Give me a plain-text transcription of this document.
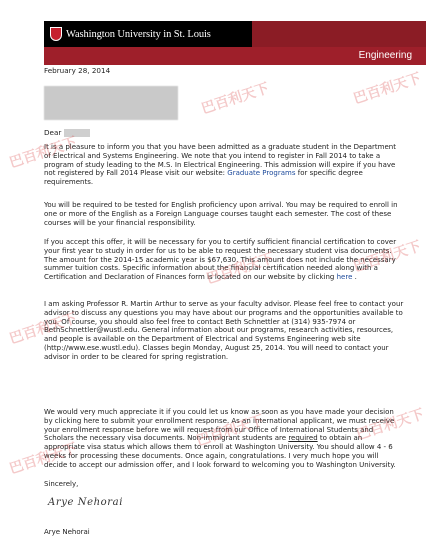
Washington University in St. Louis
Engineering
February 28, 2014
Dear
It is a pleasure to inform you that you have been admitted as a graduate student in the Department of Electrical and Systems Engineering. We note that you intend to register in Fall 2014 to take a program of study leading to the M.S. In Electrical Engineering. This admission will expire if you have not registered by Fall 2014 Please visit our website: Graduate Programs for specific degree requirements.
You will be required to be tested for English proficiency upon arrival. You may be required to enroll in one or more of the English as a Foreign Language courses taught each semester. The cost of these courses will be your financial responsibility.
If you accept this offer, it will be necessary for you to certify sufficient financial certification to cover your first year to study in order for us to be able to request the necessary student visa documents. The amount for the 2014-15 academic year is $67,630. This amount does not include the necessary summer tuition costs. Specific information about the financial certification needed along with a Certification and Declaration of Finances form is located on our website by clicking here .
I am asking Professor R. Martin Arthur to serve as your faculty advisor. Please feel free to contact your advisor to discuss any questions you may have about our programs and the opportunities available to you. Of course, you should also feel free to contact Beth Schnettler at (314) 935-7974 or BethSchnettler@wustl.edu. General information about our programs, research activities, resources, and people is available on the Department of Electrical and Systems Engineering web site (http://www.ese.wustl.edu). Classes begin Monday, August 25, 2014. You will need to contact your advisor in order to be cleared for spring registration.
We would very much appreciate it if you could let us know as soon as you have made your decision by clicking here to submit your enrollment response. As an international applicant, we must receive your enrollment response before we will request from our Office of International Students and Scholars the necessary visa documents. Non-immigrant students are required to obtain an appropriate visa status which allows them to enroll at Washington University. You should allow 4 - 6 weeks for processing these documents. Once again, congratulations. I very much hope you will decide to accept our admission offer, and I look forward to welcoming you to Washington University.
Sincerely,
Arye Nehorai
Arye Nehorai
巴百利天下
巴百利天下	巴百利天下
巴百利天下
巴百利天下
巴百利天下
巴百利天下
巴百利天下
巴百利天下
